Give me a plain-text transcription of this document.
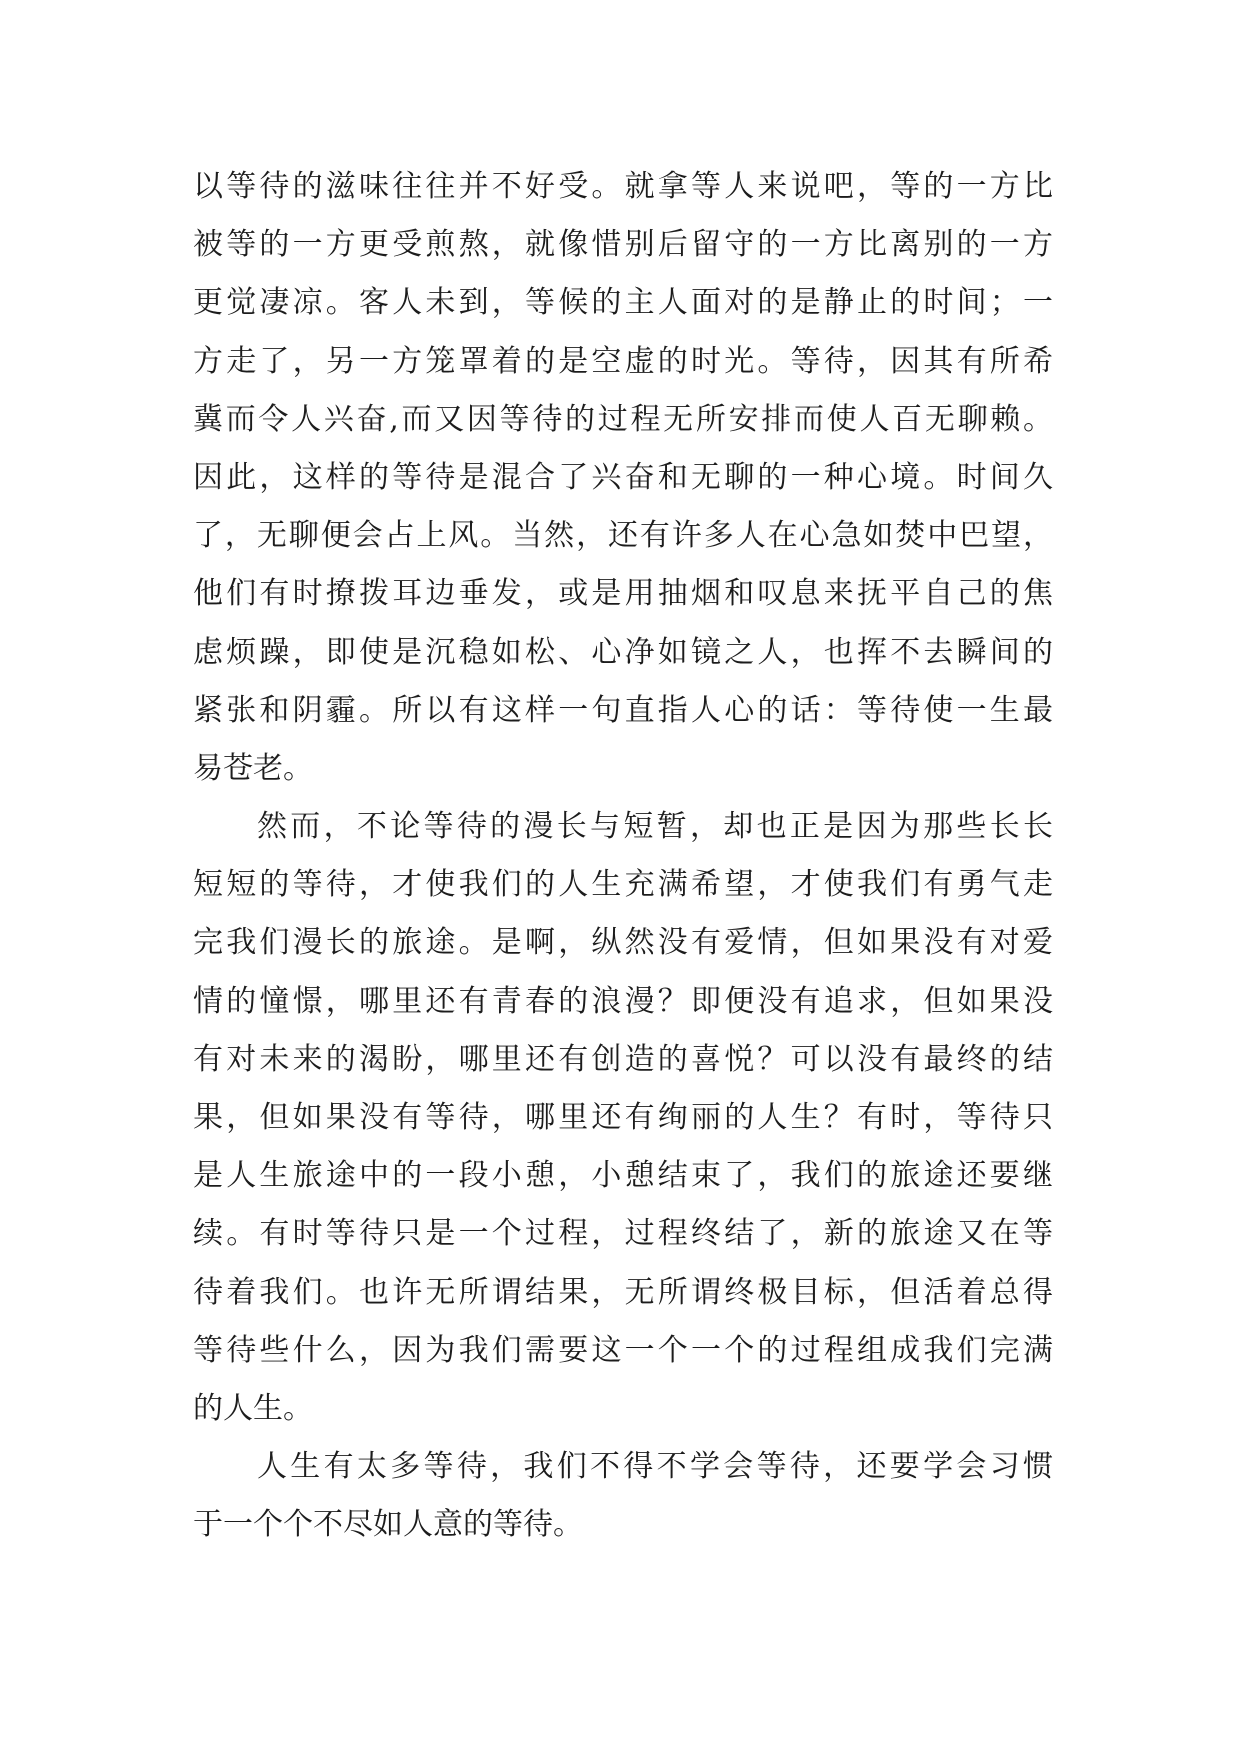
以等待的滋味往往并不好受。就拿等人来说吧，等的一方比
被等的一方更受煎熬，就像惜别后留守的一方比离别的一方
更觉凄凉。客人未到，等候的主人面对的是静止的时间；一
方走了，另一方笼罩着的是空虚的时光。等待，因其有所希
冀而令人兴奋,而又因等待的过程无所安排而使人百无聊赖。
因此，这样的等待是混合了兴奋和无聊的一种心境。时间久
了，无聊便会占上风。当然，还有许多人在心急如焚中巴望，
他们有时撩拨耳边垂发，或是用抽烟和叹息来抚平自己的焦
虑烦躁，即使是沉稳如松、心净如镜之人，也挥不去瞬间的
紧张和阴霾。所以有这样一句直指人心的话：等待使一生最
易苍老。
然而，不论等待的漫长与短暂，却也正是因为那些长长
短短的等待，才使我们的人生充满希望，才使我们有勇气走
完我们漫长的旅途。是啊，纵然没有爱情，但如果没有对爱
情的憧憬，哪里还有青春的浪漫？即便没有追求，但如果没
有对未来的渴盼，哪里还有创造的喜悦？可以没有最终的结
果，但如果没有等待，哪里还有绚丽的人生？有时，等待只
是人生旅途中的一段小憩，小憩结束了，我们的旅途还要继
续。有时等待只是一个过程，过程终结了，新的旅途又在等
待着我们。也许无所谓结果，无所谓终极目标，但活着总得
等待些什么，因为我们需要这一个一个的过程组成我们完满
的人生。
人生有太多等待，我们不得不学会等待，还要学会习惯
于一个个不尽如人意的等待。
